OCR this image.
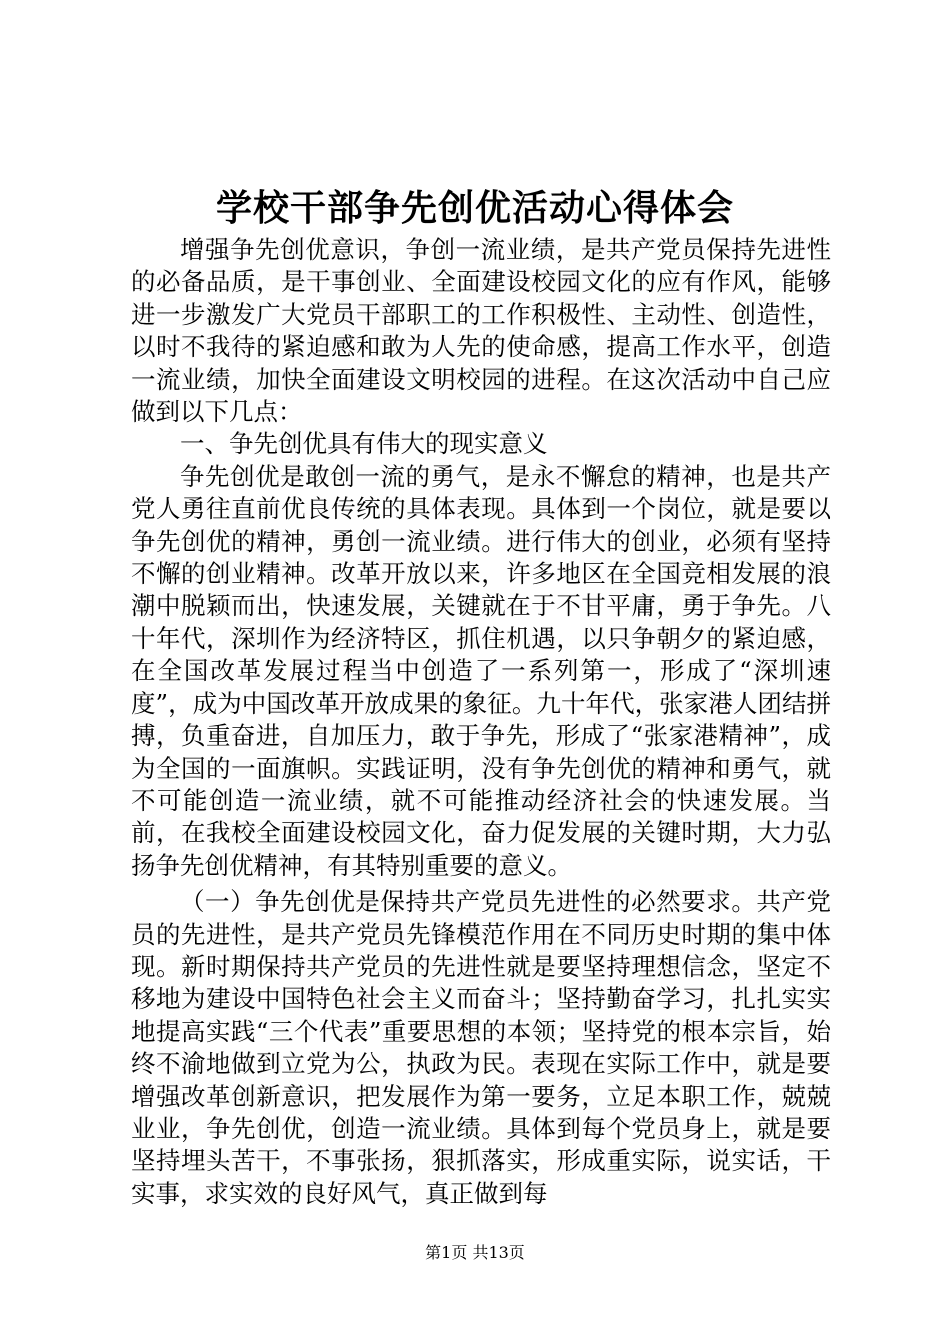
学校干部争先创优活动心得体会

增强争先创优意识，争创一流业绩，是共产党员保持先进性的必备品质，是干事创业、全面建设校园文化的应有作风，能够进一步激发广大党员干部职工的工作积极性、主动性、创造性，以时不我待的紧迫感和敢为人先的使命感，提高工作水平，创造一流业绩，加快全面建设文明校园的进程。在这次活动中自己应做到以下几点：

一、争先创优具有伟大的现实意义

争先创优是敢创一流的勇气，是永不懈怠的精神，也是共产党人勇往直前优良传统的具体表现。具体到一个岗位，就是要以争先创优的精神，勇创一流业绩。进行伟大的创业，必须有坚持不懈的创业精神。改革开放以来，许多地区在全国竞相发展的浪潮中脱颖而出，快速发展，关键就在于不甘平庸，勇于争先。八十年代，深圳作为经济特区，抓住机遇，以只争朝夕的紧迫感，在全国改革发展过程当中创造了一系列第一，形成了“深圳速度”，成为中国改革开放成果的象征。九十年代，张家港人团结拼搏，负重奋进，自加压力，敢于争先，形成了“张家港精神”，成为全国的一面旗帜。实践证明，没有争先创优的精神和勇气，就不可能创造一流业绩，就不可能推动经济社会的快速发展。当前，在我校全面建设校园文化，奋力促发展的关键时期，大力弘扬争先创优精神，有其特别重要的意义。

（一）争先创优是保持共产党员先进性的必然要求。共产党员的先进性，是共产党员先锋模范作用在不同历史时期的集中体现。新时期保持共产党员的先进性就是要坚持理想信念，坚定不移地为建设中国特色社会主义而奋斗；坚持勤奋学习，扎扎实实地提高实践“三个代表”重要思想的本领；坚持党的根本宗旨，始终不渝地做到立党为公，执政为民。表现在实际工作中，就是要增强改革创新意识，把发展作为第一要务，立足本职工作，兢兢业业，争先创优，创造一流业绩。具体到每个党员身上，就是要坚持埋头苦干，不事张扬，狠抓落实，形成重实际，说实话，干实事，求实效的良好风气，真正做到每

第1页 共13页
